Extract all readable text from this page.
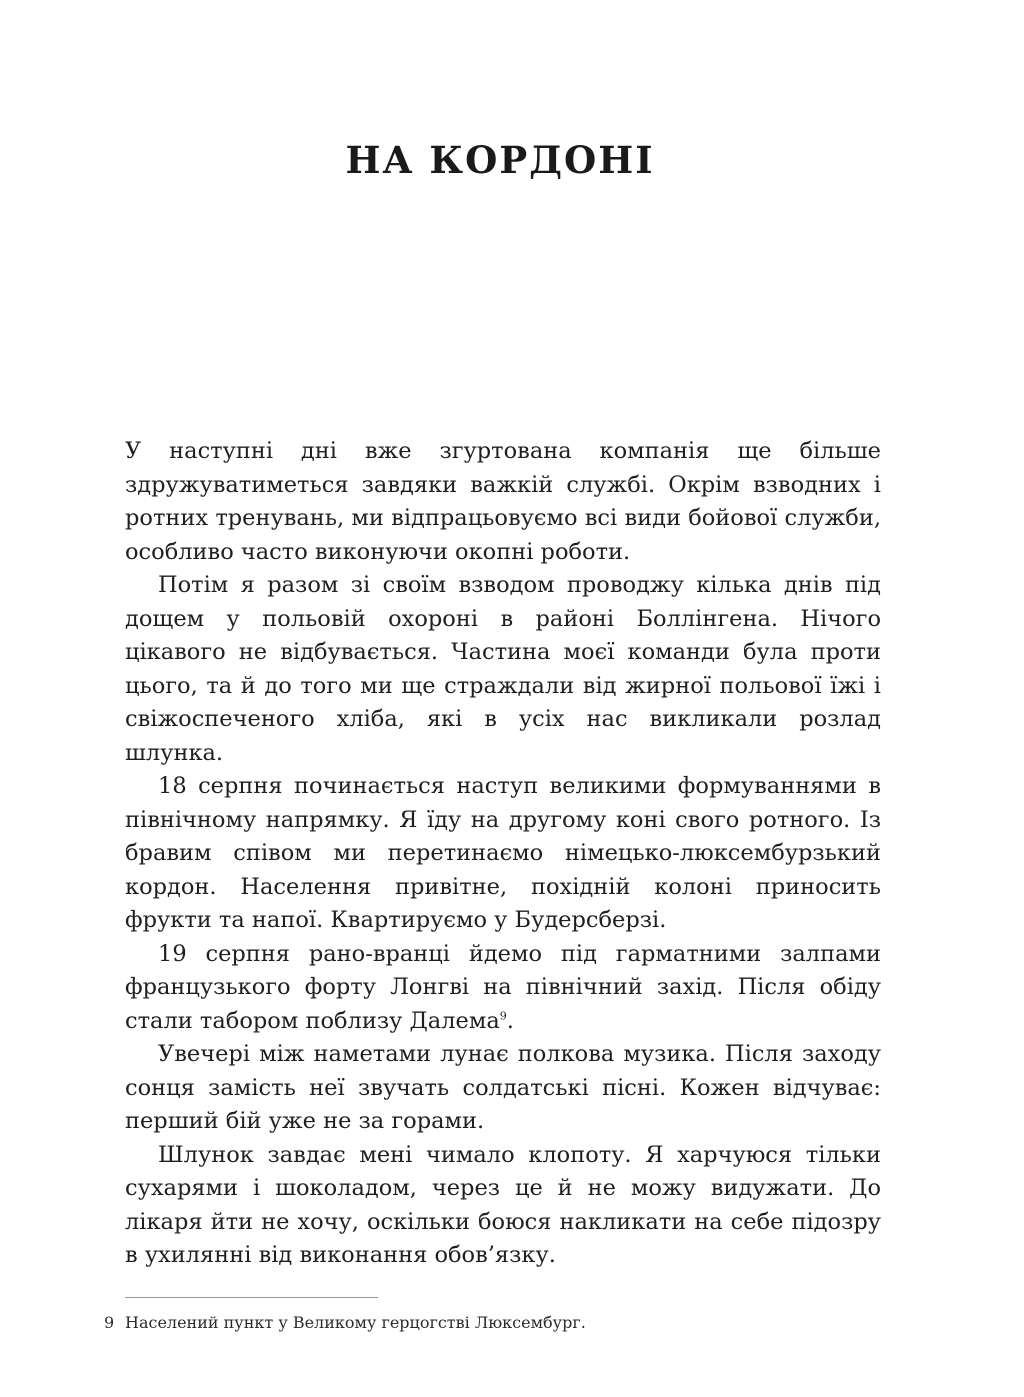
НА КОРДОНІ

У наступні дні вже згуртована компанія ще більше здружуватиметься завдяки важкій службі. Окрім взводних і ротних тренувань, ми відпрацьовуємо всі види бойової служби, особливо часто виконуючи окопні роботи.

Потім я разом зі своїм взводом проводжу кілька днів під дощем у польовій охороні в районі Боллінгена. Нічого цікавого не відбувається. Частина моєї команди була проти цього, та й до того ми ще страждали від жирної польової їжі і свіжоспеченого хліба, які в усіх нас викликали розлад шлунка.

18 серпня починається наступ великими формуваннями в північному напрямку. Я їду на другому коні свого ротного. Із бравим співом ми перетинаємо німецько-люксембурзький кордон. Населення привітне, похідній колоні приносить фрукти та напої. Квартируємо у Будерсберзі.

19 серпня рано-вранці йдемо під гарматними залпами французького форту Лонгві на північний захід. Після обіду стали табором поблизу Далема$^9$.

Увечері між наметами лунає полкова музика. Після заходу сонця замість неї звучать солдатські пісні. Кожен відчуває: перший бій уже не за горами.

Шлунок завдає мені чимало клопоту. Я харчуюся тільки сухарями і шоколадом, через це й не можу видужати. До лікаря йти не хочу, оскільки боюся накликати на себе підозру в ухилянні від виконання обов’язку.

9 Населений пункт у Великому герцогстві Люксембург.
